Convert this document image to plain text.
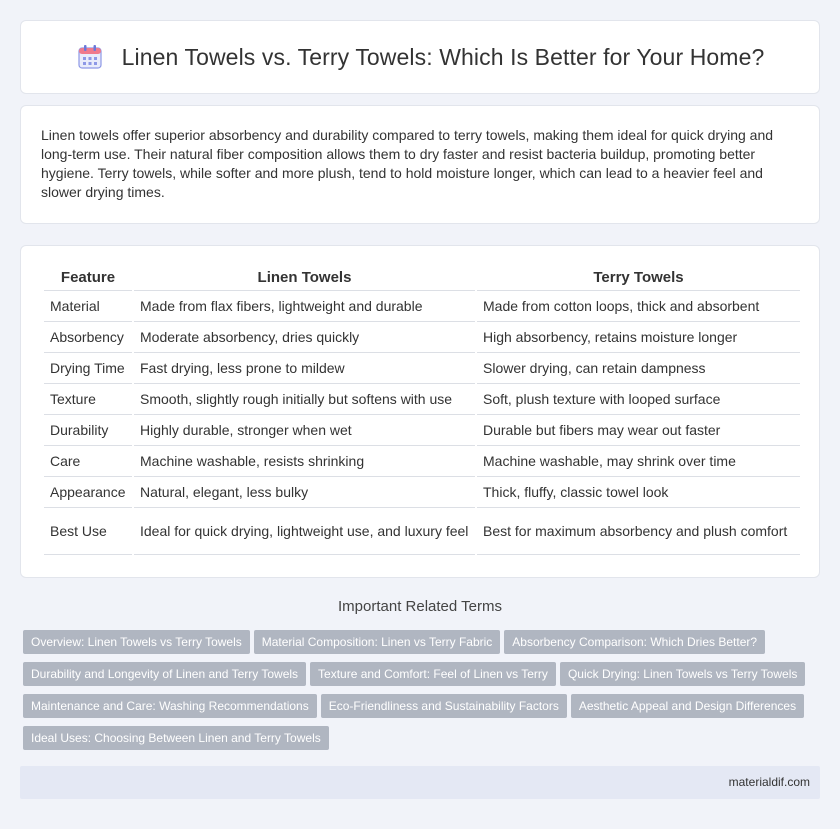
Linen Towels vs. Terry Towels: Which Is Better for Your Home?

Linen towels offer superior absorbency and durability compared to terry towels, making them ideal for quick drying and long-term use. Their natural fiber composition allows them to dry faster and resist bacteria buildup, promoting better hygiene. Terry towels, while softer and more plush, tend to hold moisture longer, which can lead to a heavier feel and slower drying times.

Feature	Linen Towels	Terry Towels
Material	Made from flax fibers, lightweight and durable	Made from cotton loops, thick and absorbent
Absorbency	Moderate absorbency, dries quickly	High absorbency, retains moisture longer
Drying Time	Fast drying, less prone to mildew	Slower drying, can retain dampness
Texture	Smooth, slightly rough initially but softens with use	Soft, plush texture with looped surface
Durability	Highly durable, stronger when wet	Durable but fibers may wear out faster
Care	Machine washable, resists shrinking	Machine washable, may shrink over time
Appearance	Natural, elegant, less bulky	Thick, fluffy, classic towel look
Best Use	Ideal for quick drying, lightweight use, and luxury feel	Best for maximum absorbency and plush comfort
Important Related Terms
Overview: Linen Towels vs Terry Towels Material Composition: Linen vs Terry Fabric Absorbency Comparison: Which Dries Better?
Durability and Longevity of Linen and Terry Towels Texture and Comfort: Feel of Linen vs Terry Quick Drying: Linen Towels vs Terry Towels
Maintenance and Care: Washing Recommendations Eco-Friendliness and Sustainability Factors Aesthetic Appeal and Design Differences
Ideal Uses: Choosing Between Linen and Terry Towels
materialdif.com
